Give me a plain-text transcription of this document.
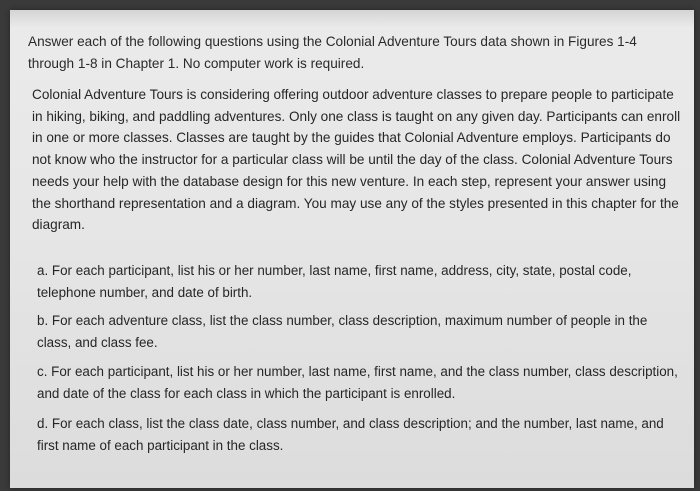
Answer each of the following questions using the Colonial Adventure Tours data shown in Figures 1-4 through 1-8 in Chapter 1. No computer work is required.
Colonial Adventure Tours is considering offering outdoor adventure classes to prepare people to participate in hiking, biking, and paddling adventures. Only one class is taught on any given day. Participants can enroll in one or more classes. Classes are taught by the guides that Colonial Adventure employs. Participants do not know who the instructor for a particular class will be until the day of the class. Colonial Adventure Tours needs your help with the database design for this new venture. In each step, represent your answer using the shorthand representation and a diagram. You may use any of the styles presented in this chapter for the diagram.
a. For each participant, list his or her number, last name, first name, address, city, state, postal code, telephone number, and date of birth.
b. For each adventure class, list the class number, class description, maximum number of people in the class, and class fee.
c. For each participant, list his or her number, last name, first name, and the class number, class description, and date of the class for each class in which the participant is enrolled.
d. For each class, list the class date, class number, and class description; and the number, last name, and first name of each participant in the class.
